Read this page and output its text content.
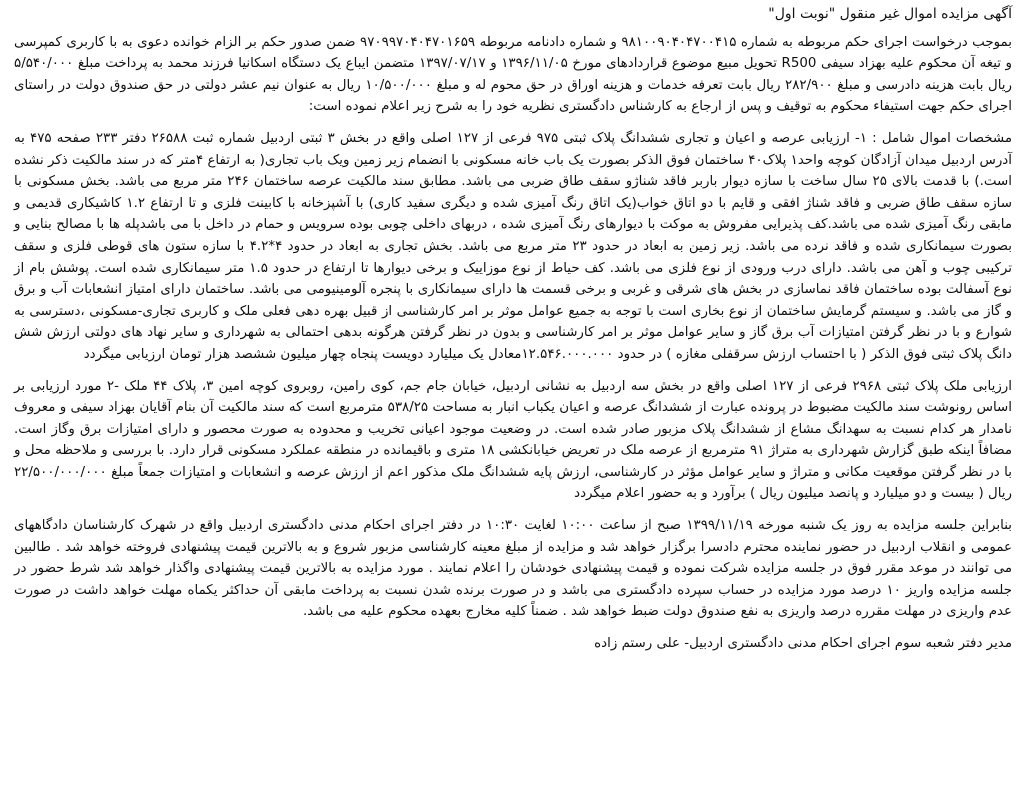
آگهی مزایده اموال غیر منقول "نوبت اول"

بموجب درخواست اجرای حکم مربوطه به شماره ۹۸۱۰۰۹۰۴۰۴۷۰۰۴۱۵ و شماره دادنامه مربوطه ۹۷۰۹۹۷۰۴۰۴۷۰۱۶۵۹ ضمن صدور حکم بر الزام خوانده دعوی به با کاربری کمپرسی و تیغه آن محکوم علیه بهزاد سیفی R500 تحویل مبیع موضوع قراردادهای مورخ ۱۳۹۶/۱۱/۰۵ و ۱۳۹۷/۰۷/۱۷ متضمن ایباع یک دستگاه اسکانیا فرزند محمد به پرداخت مبلغ ۵/۵۴۰/۰۰۰ ریال بابت هزینه دادرسی و مبلغ ۲۸۲/۹۰۰ ریال بابت تعرفه خدمات و هزینه اوراق در حق محوم له و مبلغ ۱۰/۵۰۰/۰۰۰ ریال به عنوان نیم عشر دولتی در حق صندوق دولت در راستای اجرای حکم جهت استیفاء محکوم به توقیف و پس از ارجاع به کارشناس دادگستری نظریه خود را به شرح زیر اعلام نموده است:

مشخصات اموال شامل : ۱- ارزیابی عرصه و اعیان و تجاری ششدانگ پلاک ثبتی ۹۷۵ فرعی از ۱۲۷ اصلی واقع در بخش ۳ ثبتی اردبیل شماره ثبت ۲۶۵۸۸ دفتر ۲۳۳ صفحه ۴۷۵ به آدرس اردبیل میدان آزادگان کوچه واحد۱ پلاک۴۰ ساختمان فوق الذکر بصورت یک باب خانه مسکونی با انضمام زیر زمین ویک باب تجاری( به ارتفاع ۴متر که در سند مالکیت ذکر نشده است.) با قدمت بالای ۲۵ سال ساخت با سازه دیوار باربر فاقد شناژو سقف طاق ضربی می باشد. مطابق سند مالکیت عرصه ساختمان ۲۴۶ متر مربع می باشد. بخش مسکونی با سازه سقف طاق ضربی و فاقد شناژ افقی و قایم با دو اتاق خواب(یک اتاق رنگ آمیزی شده و دیگری سفید کاری) با آشپزخانه با کابینت فلزی و تا ارتفاع ۱.۲ کاشیکاری قدیمی و مابقی رنگ آمیزی شده می باشد.کف پذیرایی مفروش به موکت با دیوارهای رنگ آمیزی شده ، دربهای داخلی چوبی بوده سرویس و حمام در داخل با می باشدپله ها با مصالح بنایی و بصورت سیمانکاری شده و فاقد نرده می باشد. زیر زمین به ابعاد در حدود ۲۳ متر مربع می باشد. بخش تجاری به ابعاد در حدود ۴*۴.۲ با سازه ستون های قوطی فلزی و سقف ترکیبی چوب و آهن می باشد. دارای درب ورودی از نوع فلزی می باشد. کف حیاط از نوع موزاییک و برخی دیوارها تا ارتفاع در حدود ۱.۵ متر سیمانکاری شده است. پوشش بام از نوع آسفالت بوده ساختمان فاقد نماسازی در بخش های شرقی و غربی و برخی قسمت ها دارای سیمانکاری با پنجره آلومینیومی می باشد. ساختمان دارای امتیاز انشعابات آب و برق و گاز می باشد. و سیستم گرمایش ساختمان از نوع بخاری است با توجه به جمیع عوامل موثر بر امر کارشناسی از قبیل بهره دهی فعلی ملک و کاربری تجاری-مسکونی ،دسترسی به شوارع و با در نظر گرفتن امتیازات آب برق گاز و سایر عوامل موثر بر امر کارشناسی و بدون در نظر گرفتن هرگونه بدهی احتمالی به شهرداری و سایر نهاد های دولتی ارزش شش دانگ پلاک ثبتی فوق الذکر ( با احتساب ارزش سرقفلی مغازه ) در حدود ۱۲.۵۴۶.۰۰۰.۰۰۰معادل یک میلیارد دویست پنجاه چهار میلیون ششصد هزار تومان ارزیابی میگردد

ارزیابی ملک پلاک ثبتی ۲۹۶۸ فرعی از ۱۲۷ اصلی واقع در بخش سه اردبیل به نشانی اردبیل، خیابان جام جم، کوی رامین، روبروی کوچه امین ۳، پلاک ۴۴ ملک -۲ مورد ارزیابی بر اساس رونوشت سند مالکیت مضبوط در پرونده عبارت از ششدانگ عرصه و اعیان یکباب انبار به مساحت ۵۳۸/۲۵ مترمربع است که سند مالکیت آن بنام آقایان بهزاد سیفی و معروف نامدار هر کدام نسبت به سهدانگ مشاع از ششدانگ پلاک مزبور صادر شده است. در وضعیت موجود اعیانی تخریب و محدوده به صورت محصور و دارای امتیازات برق وگاز است. مضافاً اینکه طبق گزارش شهرداری به متراژ ۹۱ مترمربع از عرصه ملک در تعریض خیابانکشی ۱۸ متری و باقیمانده در منطقه عملکرد مسکونی قرار دارد. با بررسی و ملاحظه محل و با در نظر گرفتن موقعیت مکانی و متراژ و سایر عوامل مؤثر در کارشناسی، ارزش پایه ششدانگ ملک مذکور اعم از ارزش عرصه و انشعابات و امتیازات جمعاً مبلغ ۲۲/۵۰۰/۰۰۰/۰۰۰ ریال ( بیست و دو میلیارد و پانصد میلیون ریال ) برآورد و به حضور اعلام میگردد

بنابراین جلسه مزایده به روز یک شنبه مورخه ۱۳۹۹/۱۱/۱۹ صبح از ساعت ۱۰:۰۰ لغایت ۱۰:۳۰ در دفتر اجرای احکام مدنی دادگستری اردبیل واقع در شهرک کارشناسان دادگاههای عمومی و انقلاب اردبیل در حضور نماینده محترم دادسرا برگزار خواهد شد و مزایده از مبلغ معینه کارشناسی مزبور شروع و به بالاترین قیمت پیشنهادی فروخته خواهد شد . طالبین می توانند در موعد مقرر فوق در جلسه مزایده شرکت نموده و قیمت پیشنهادی خودشان را اعلام نمایند . مورد مزایده به بالاترین قیمت پیشنهادی واگذار خواهد شد شرط حضور در جلسه مزایده واریز ۱۰ درصد مورد مزایده در حساب سپرده دادگستری می باشد و در صورت برنده شدن نسبت به پرداخت مابقی آن حداکثر یکماه مهلت خواهد داشت در صورت عدم واریزی در مهلت مقرره درصد واریزی به نفع صندوق دولت ضبط خواهد شد . ضمناً کلیه مخارج بعهده محکوم علیه می باشد.

مدیر دفتر شعبه سوم اجرای احکام مدنی دادگستری اردبیل- علی رستم زاده
